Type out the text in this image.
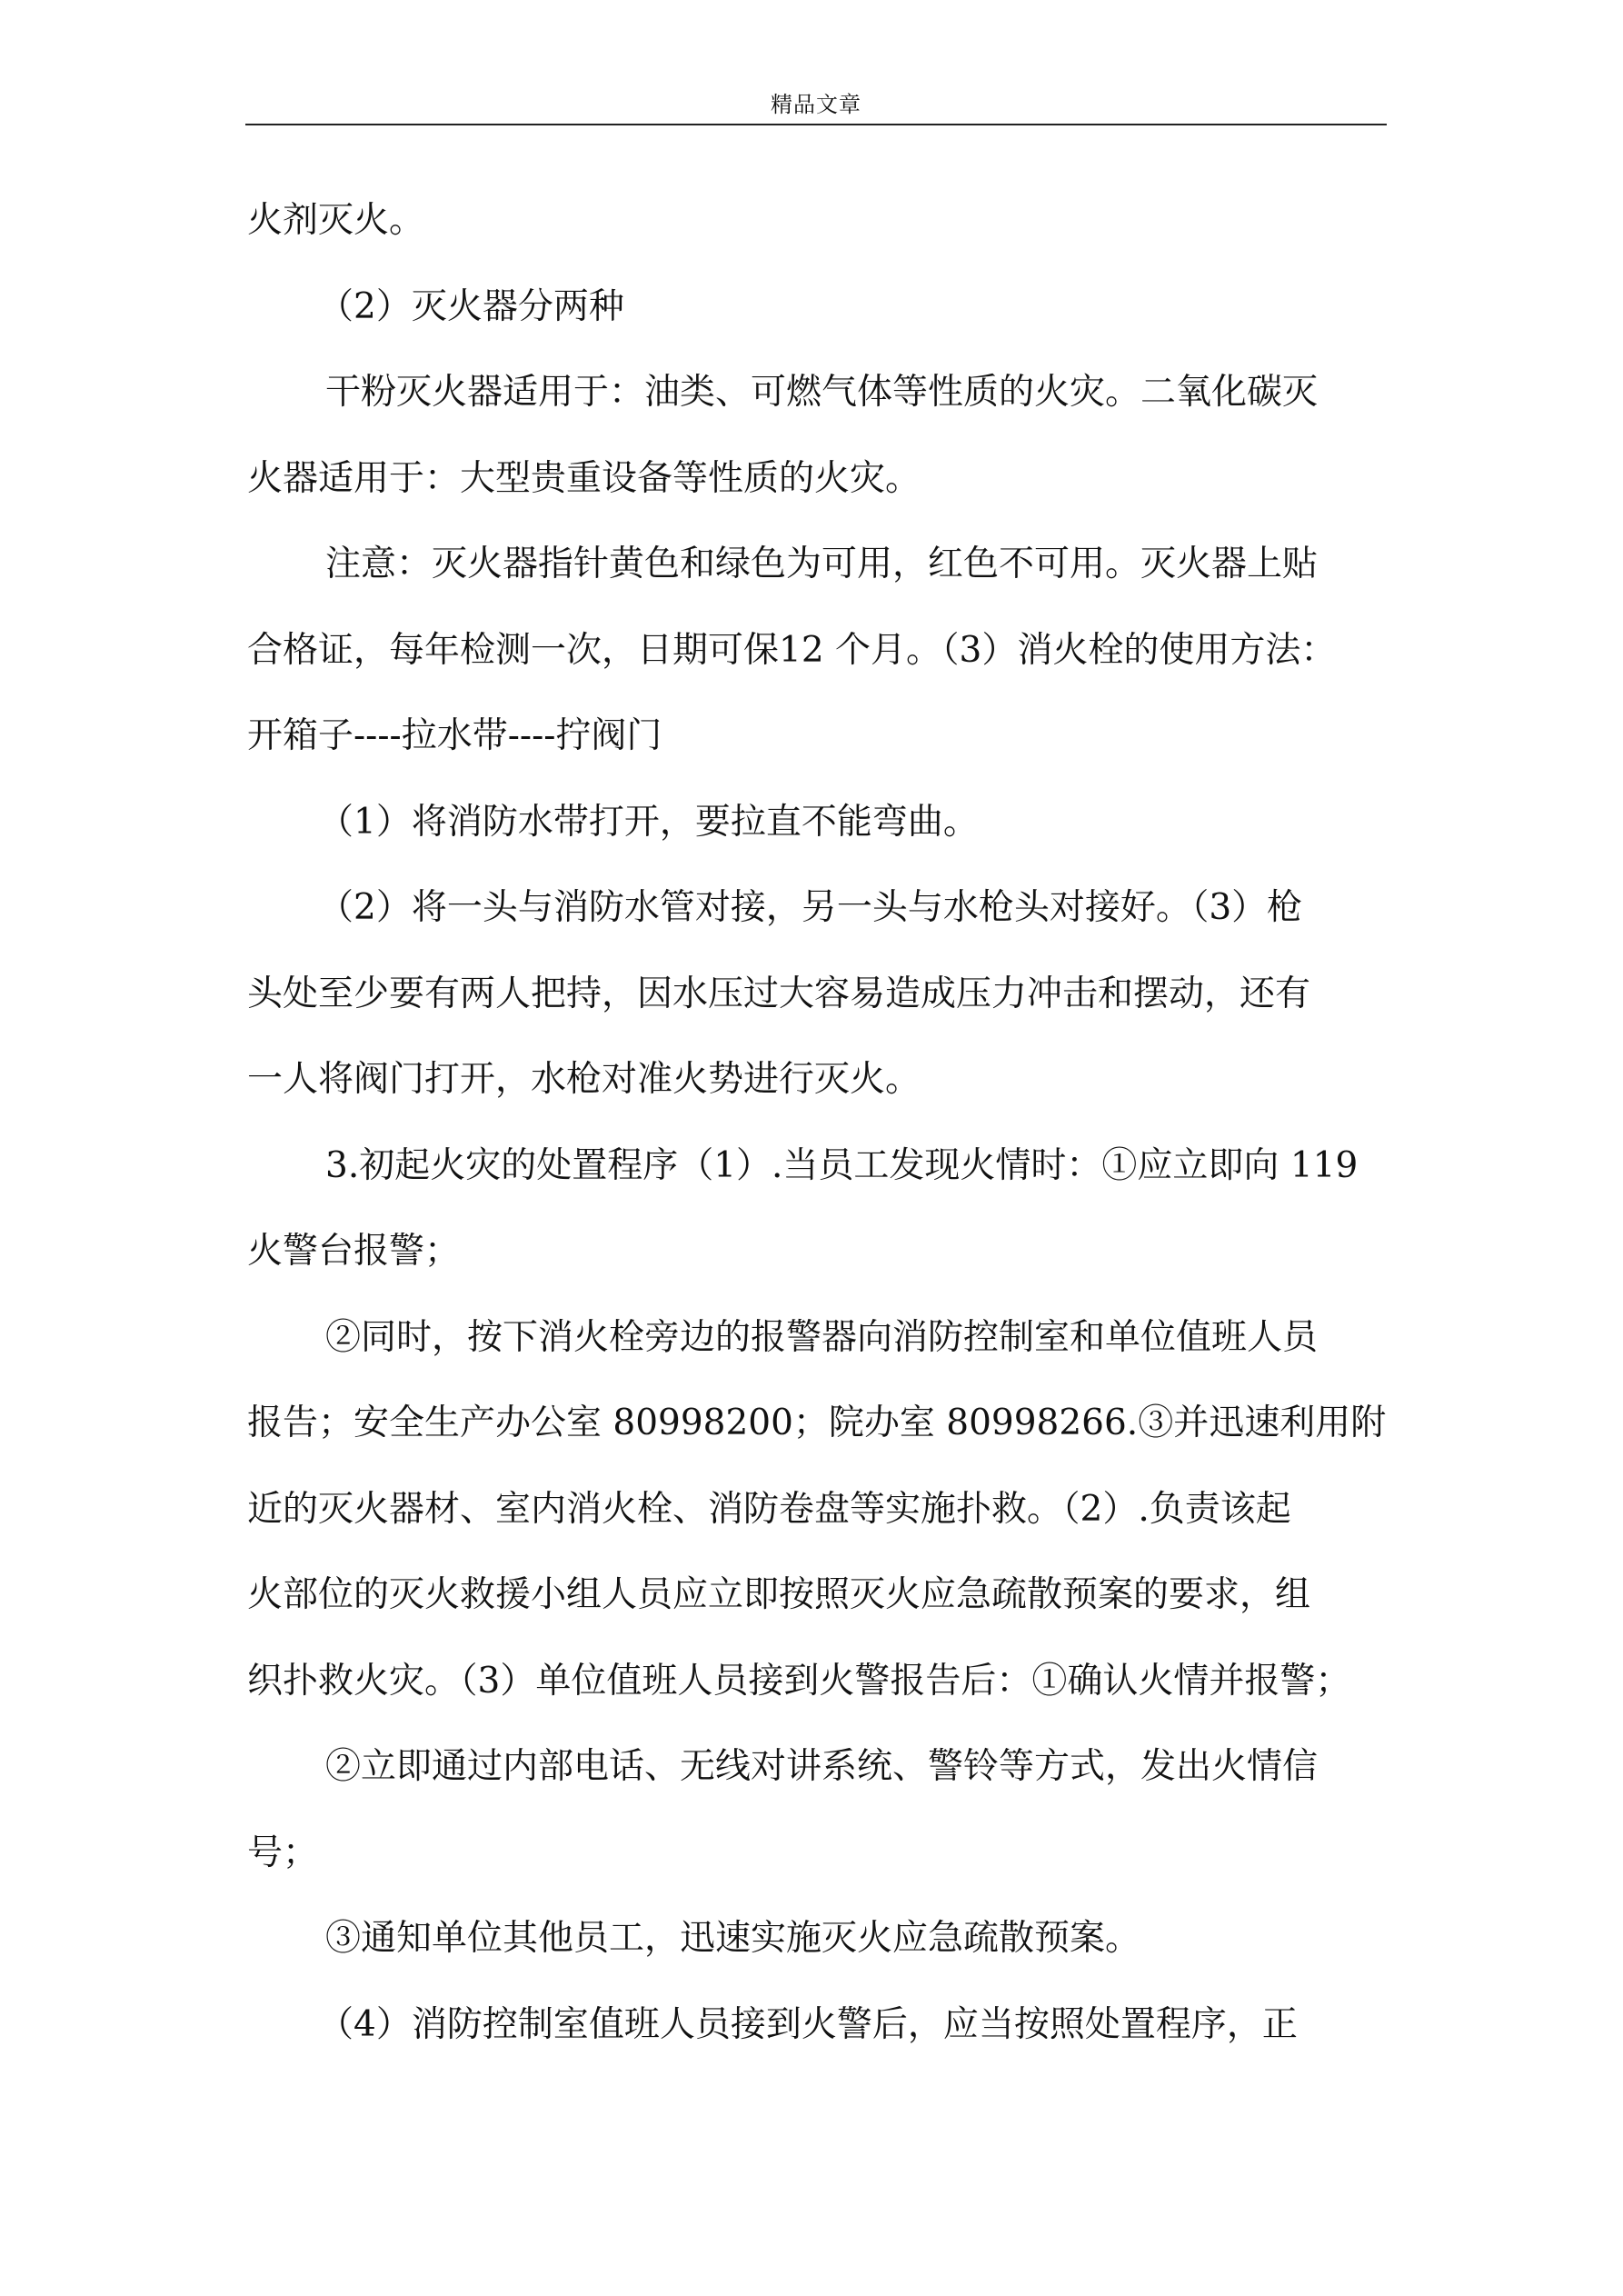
精品文章

火剂灭火。

（2）灭火器分两种

干粉灭火器适用于：油类、可燃气体等性质的火灾。二氧化碳灭

火器适用于：大型贵重设备等性质的火灾。

注意：灭火器指针黄色和绿色为可用，红色不可用。灭火器上贴

合格证，每年检测一次，日期可保12 个月。（3）消火栓的使用方法：

开箱子----拉水带----拧阀门

（1）将消防水带打开，要拉直不能弯曲。

（2）将一头与消防水管对接，另一头与水枪头对接好。（3）枪

头处至少要有两人把持，因水压过大容易造成压力冲击和摆动，还有

一人将阀门打开，水枪对准火势进行灭火。

3.初起火灾的处置程序（1）.当员工发现火情时：①应立即向 119

火警台报警；

②同时，按下消火栓旁边的报警器向消防控制室和单位值班人员

报告；安全生产办公室 80998200；院办室 80998266.③并迅速利用附

近的灭火器材、室内消火栓、消防卷盘等实施扑救。（2）.负责该起

火部位的灭火救援小组人员应立即按照灭火应急疏散预案的要求，组

织扑救火灾。（3）单位值班人员接到火警报告后：①确认火情并报警；

②立即通过内部电话、无线对讲系统、警铃等方式，发出火情信

号；

③通知单位其他员工，迅速实施灭火应急疏散预案。

（4）消防控制室值班人员接到火警后，应当按照处置程序，正
